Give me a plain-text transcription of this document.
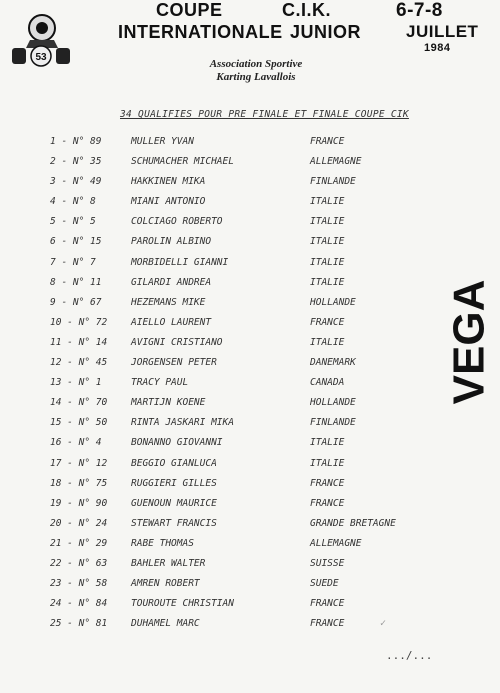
53
COUPE
INTERNATIONALE
C.I.K.
JUNIOR
6-7-8
JUILLET
1984
Association Sportive
Karting Lavallois
34 QUALIFIES POUR PRE FINALE ET FINALE COUPE CIK
1 - N° 89	MULLER YVAN	FRANCE
2 - N° 35	SCHUMACHER MICHAEL	ALLEMAGNE
3 - N° 49	HAKKINEN MIKA	FINLANDE
4 - N° 8	MIANI ANTONIO	ITALIE
5 - N° 5	COLCIAGO ROBERTO	ITALIE
6 - N° 15	PAROLIN ALBINO	ITALIE
7 - N° 7	MORBIDELLI GIANNI	ITALIE
8 - N° 11	GILARDI ANDREA	ITALIE
9 - N° 67	HEZEMANS MIKE	HOLLANDE
10 - N° 72	AIELLO LAURENT	FRANCE
11 - N° 14	AVIGNI CRISTIANO	ITALIE
12 - N° 45	JORGENSEN PETER	DANEMARK
13 - N° 1	TRACY PAUL	CANADA
14 - N° 70	MARTIJN KOENE	HOLLANDE
15 - N° 50	RINTA JASKARI MIKA	FINLANDE
16 - N° 4	BONANNO GIOVANNI	ITALIE
17 - N° 12	BEGGIO GIANLUCA	ITALIE
18 - N° 75	RUGGIERI GILLES	FRANCE
19 - N° 90	GUENOUN MAURICE	FRANCE
20 - N° 24	STEWART FRANCIS	GRANDE BRETAGNE
21 - N° 29	RABE THOMAS	ALLEMAGNE
22 - N° 63	BAHLER WALTER	SUISSE
23 - N° 58	AMREN ROBERT	SUEDE
24 - N° 84	TOUROUTE CHRISTIAN	FRANCE
25 - N° 81	DUHAMEL MARC	FRANCE
VEGA
✓
.../...
